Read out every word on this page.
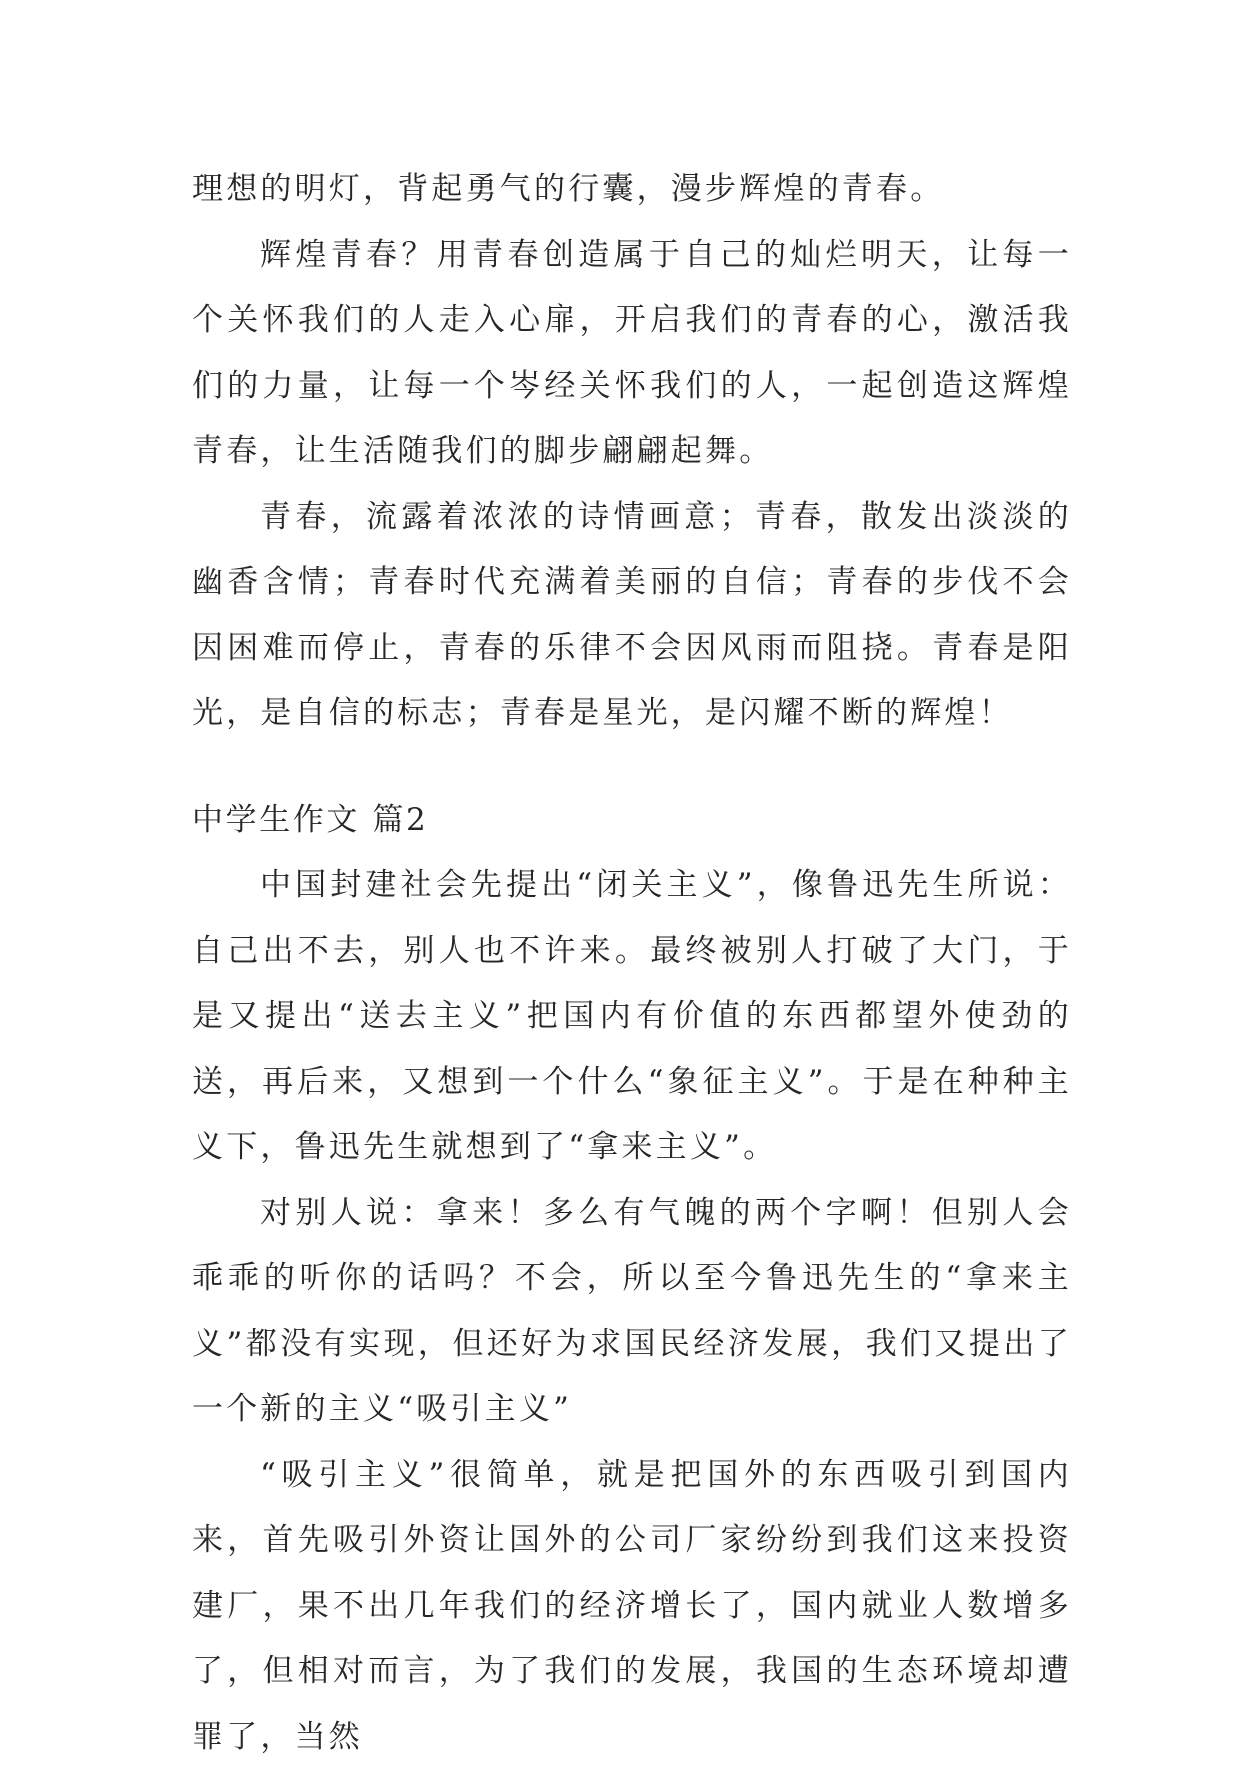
理想的明灯，背起勇气的行囊，漫步辉煌的青春。

辉煌青春？用青春创造属于自己的灿烂明天，让每一个关怀我们的人走入心扉，开启我们的青春的心，激活我们的力量，让每一个岑经关怀我们的人，一起创造这辉煌青春，让生活随我们的脚步翩翩起舞。

青春，流露着浓浓的诗情画意；青春，散发出淡淡的幽香含情；青春时代充满着美丽的自信；青春的步伐不会因困难而停止，青春的乐律不会因风雨而阻挠。青春是阳光，是自信的标志；青春是星光，是闪耀不断的辉煌！

中学生作文 篇2

中国封建社会先提出“闭关主义”，像鲁迅先生所说：自己出不去，别人也不许来。最终被别人打破了大门，于是又提出“送去主义”把国内有价值的东西都望外使劲的送，再后来，又想到一个什么“象征主义”。于是在种种主义下，鲁迅先生就想到了“拿来主义”。

对别人说：拿来！多么有气魄的两个字啊！但别人会乖乖的听你的话吗？不会，所以至今鲁迅先生的“拿来主义”都没有实现，但还好为求国民经济发展，我们又提出了一个新的主义“吸引主义”

“吸引主义”很简单，就是把国外的东西吸引到国内来，首先吸引外资让国外的公司厂家纷纷到我们这来投资建厂，果不出几年我们的经济增长了，国内就业人数增多了，但相对而言，为了我们的发展，我国的生态环境却遭罪了，当然
